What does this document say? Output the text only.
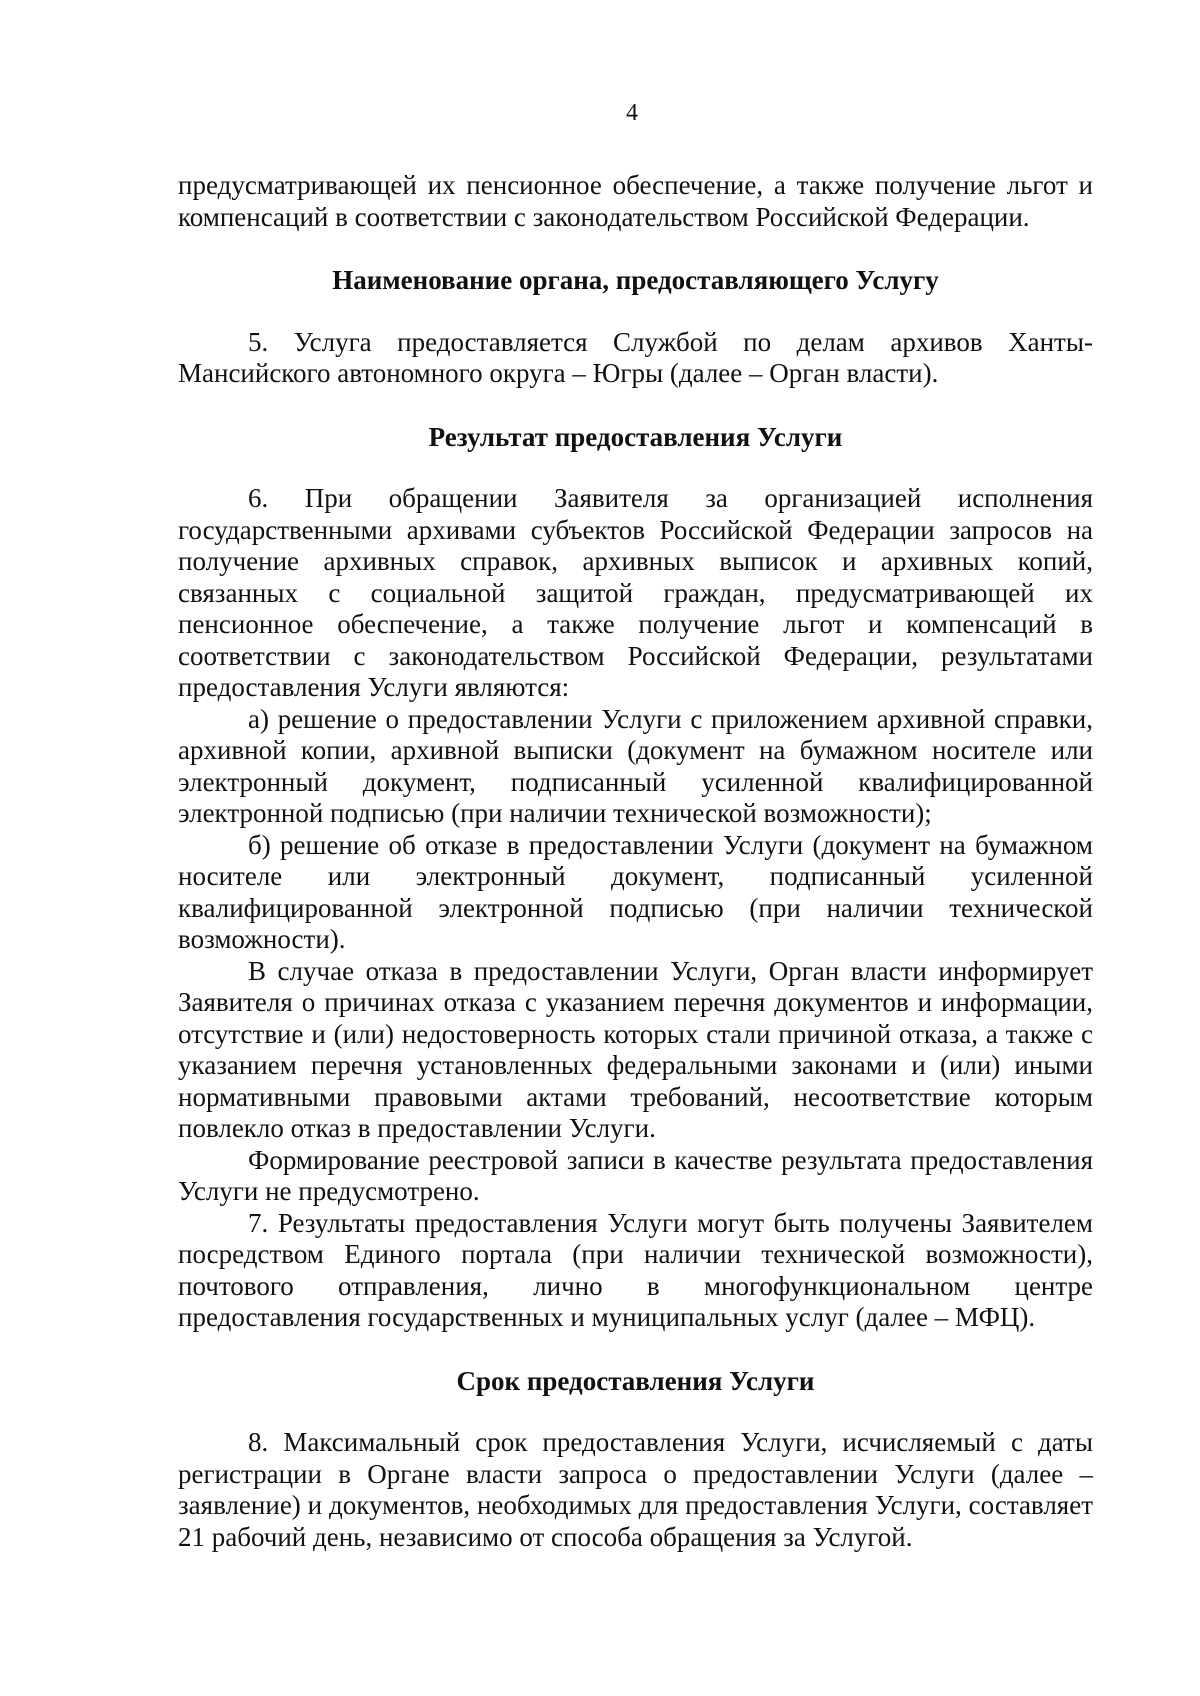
4

предусматривающей их пенсионное обеспечение, а также получение льгот и компенсаций в соответствии с законодательством Российской Федерации.

Наименование органа, предоставляющего Услугу

5. Услуга предоставляется Службой по делам архивов Ханты-Мансийского автономного округа – Югры (далее – Орган власти).

Результат предоставления Услуги

6. При обращении Заявителя за организацией исполнения государственными архивами субъектов Российской Федерации запросов на получение архивных справок, архивных выписок и архивных копий, связанных с социальной защитой граждан, предусматривающей их пенсионное обеспечение, а также получение льгот и компенсаций в соответствии с законодательством Российской Федерации, результатами предоставления Услуги являются:

а) решение о предоставлении Услуги с приложением архивной справки, архивной копии, архивной выписки (документ на бумажном носителе или электронный документ, подписанный усиленной квалифицированной электронной подписью (при наличии технической возможности);

б) решение об отказе в предоставлении Услуги (документ на бумажном носителе или электронный документ, подписанный усиленной квалифицированной электронной подписью (при наличии технической возможности).

В случае отказа в предоставлении Услуги, Орган власти информирует Заявителя о причинах отказа с указанием перечня документов и информации, отсутствие и (или) недостоверность которых стали причиной отказа, а также с указанием перечня установленных федеральными законами и (или) иными нормативными правовыми актами требований, несоответствие которым повлекло отказ в предоставлении Услуги.

Формирование реестровой записи в качестве результата предоставления Услуги не предусмотрено.

7. Результаты предоставления Услуги могут быть получены Заявителем посредством Единого портала (при наличии технической возможности), почтового отправления, лично в многофункциональном центре предоставления государственных и муниципальных услуг (далее – МФЦ).

Срок предоставления Услуги

8. Максимальный срок предоставления Услуги, исчисляемый с даты регистрации в Органе власти запроса о предоставлении Услуги (далее – заявление) и документов, необходимых для предоставления Услуги, составляет 21 рабочий день, независимо от способа обращения за Услугой.
